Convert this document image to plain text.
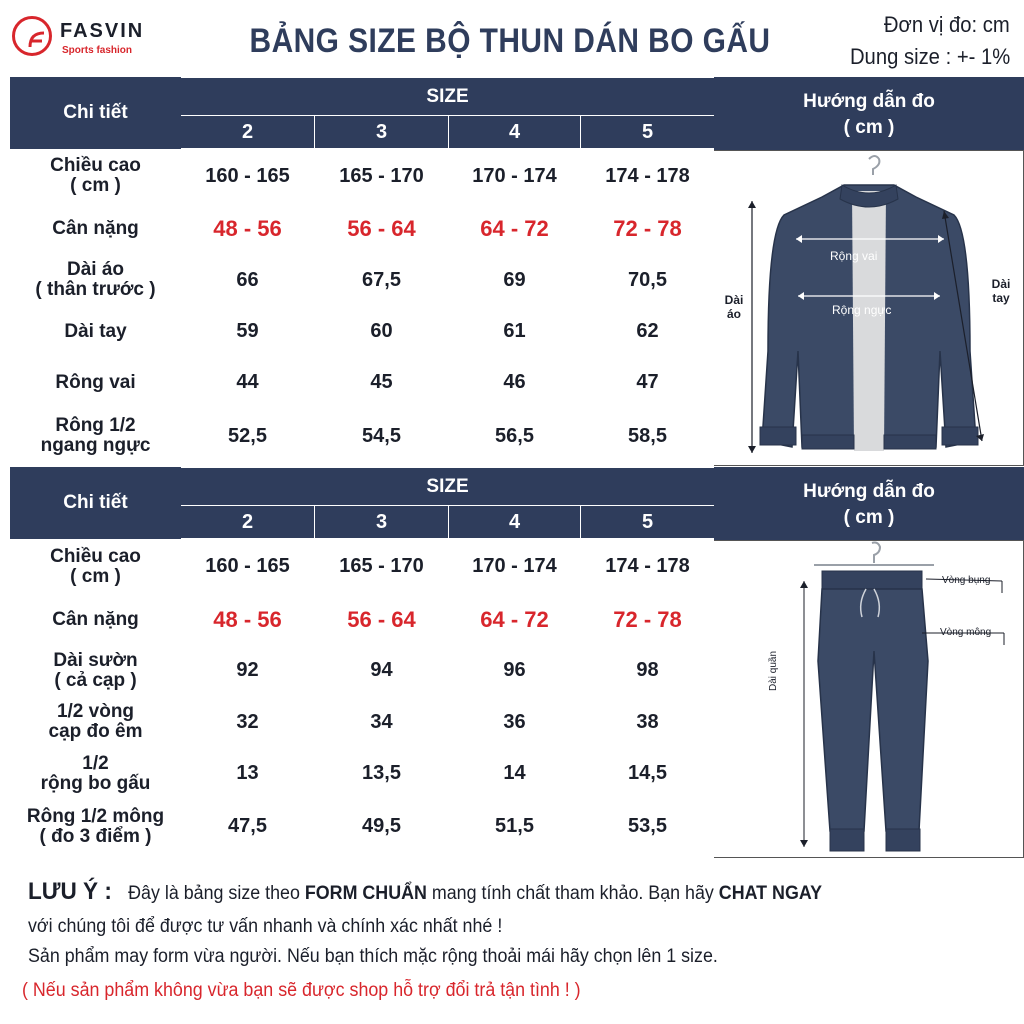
FASVIN
Sports fashion	BẢNG SIZE BỘ THUN DÁN BO GẤU	Đơn vị đo: cm
Dung size : +- 1%
Chi tiết	SIZE			
	2	3	4	5
Chiều cao
( cm )	160 - 165	165 - 170	170 - 174	174 - 178
Cân nặng	48 - 56	56 - 64	64 - 72	72 - 78
Dài áo
( thân trước )	66	67,5	69	70,5
Dài tay	59	60	61	62
Rông vai	44	45	46	47
Rông 1/2
ngang ngực	52,5	54,5	56,5	58,5
Hướng dẫn đo
( cm )
Rộng vai
Rộng ngực
Dài
áo
Dài
tay
Chi tiết	SIZE			
	2	3	4	5
Chiều cao
( cm )	160 - 165	165 - 170	170 - 174	174 - 178
Cân nặng	48 - 56	56 - 64	64 - 72	72 - 78
Dài sườn
( cả cạp )	92	94	96	98
1/2 vòng
cạp đo êm	32	34	36	38
1/2
rộng bo gấu	13	13,5	14	14,5
Rông 1/2 mông
( đo 3 điểm )	47,5	49,5	51,5	53,5
Hướng dẫn đo
( cm )
Vòng bụng
Vòng mông
Dài quần
LƯU Ý : Đây là bảng size theo FORM CHUẨN mang tính chất tham khảo. Bạn hãy CHAT NGAY
với chúng tôi để được tư vấn nhanh và chính xác nhất nhé !
Sản phẩm may form vừa người. Nếu bạn thích mặc rộng thoải mái hãy chọn lên 1 size.
( Nếu sản phẩm không vừa bạn sẽ được shop hỗ trợ đổi trả tận tình ! )
